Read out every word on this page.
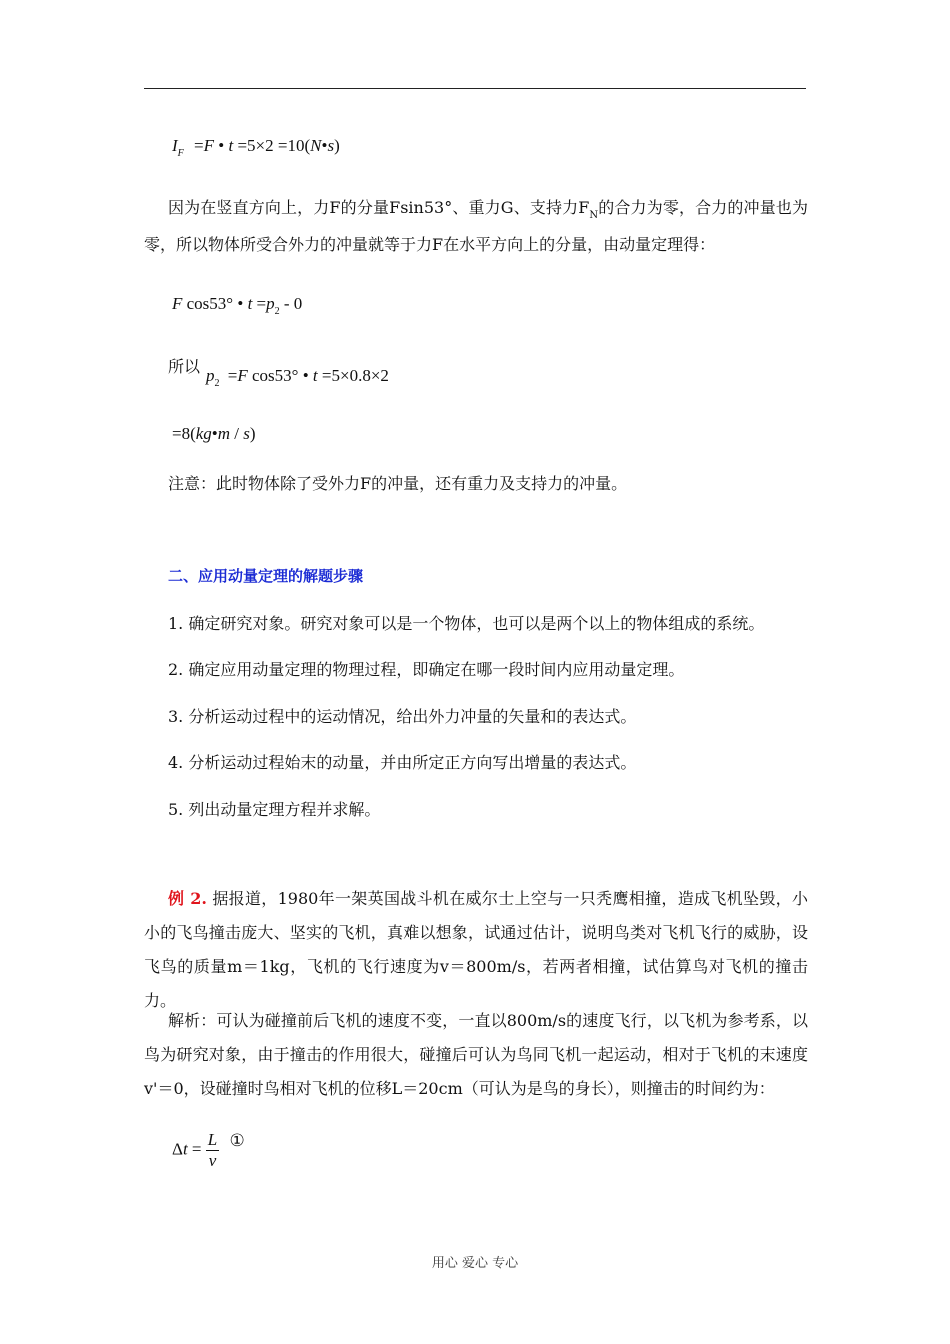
$I_F =F$ • t =5×2 =10(N•s)
因为在竖直方向上，力F的分量Fsin53°、重力G、支持力$F_N$的合力为零，合力的冲量也为零，所以物体所受合外力的冲量就等于力F在水平方向上的分量，由动量定理得：
F cos53° • $t =p_2 - 0$
所以 $p_2 =F$ cos53° • t =5×0.8×2
=8(kg•m / s)
注意：此时物体除了受外力F的冲量，还有重力及支持力的冲量。
二、应用动量定理的解题步骤
1. 确定研究对象。研究对象可以是一个物体，也可以是两个以上的物体组成的系统。
2. 确定应用动量定理的物理过程，即确定在哪一段时间内应用动量定理。
3. 分析运动过程中的运动情况，给出外力冲量的矢量和的表达式。
4. 分析运动过程始末的动量，并由所定正方向写出增量的表达式。
5. 列出动量定理方程并求解。
例 2. 据报道，1980年一架英国战斗机在威尔士上空与一只秃鹰相撞，造成飞机坠毁，小小的飞鸟撞击庞大、坚实的飞机，真难以想象，试通过估计，说明鸟类对飞机飞行的威胁，设飞鸟的质量m＝1kg，飞机的飞行速度为v＝800m/s，若两者相撞，试估算鸟对飞机的撞击力。
解析：可认为碰撞前后飞机的速度不变，一直以800m/s的速度飞行，以飞机为参考系，以鸟为研究对象，由于撞击的作用很大，碰撞后可认为鸟同飞机一起运动，相对于飞机的末速度v'＝0，设碰撞时鸟相对飞机的位移L＝20cm（可认为是鸟的身长），则撞击的时间约为：
$\Delta t = \frac{L}{v}$ ①
用心 爱心 专心
